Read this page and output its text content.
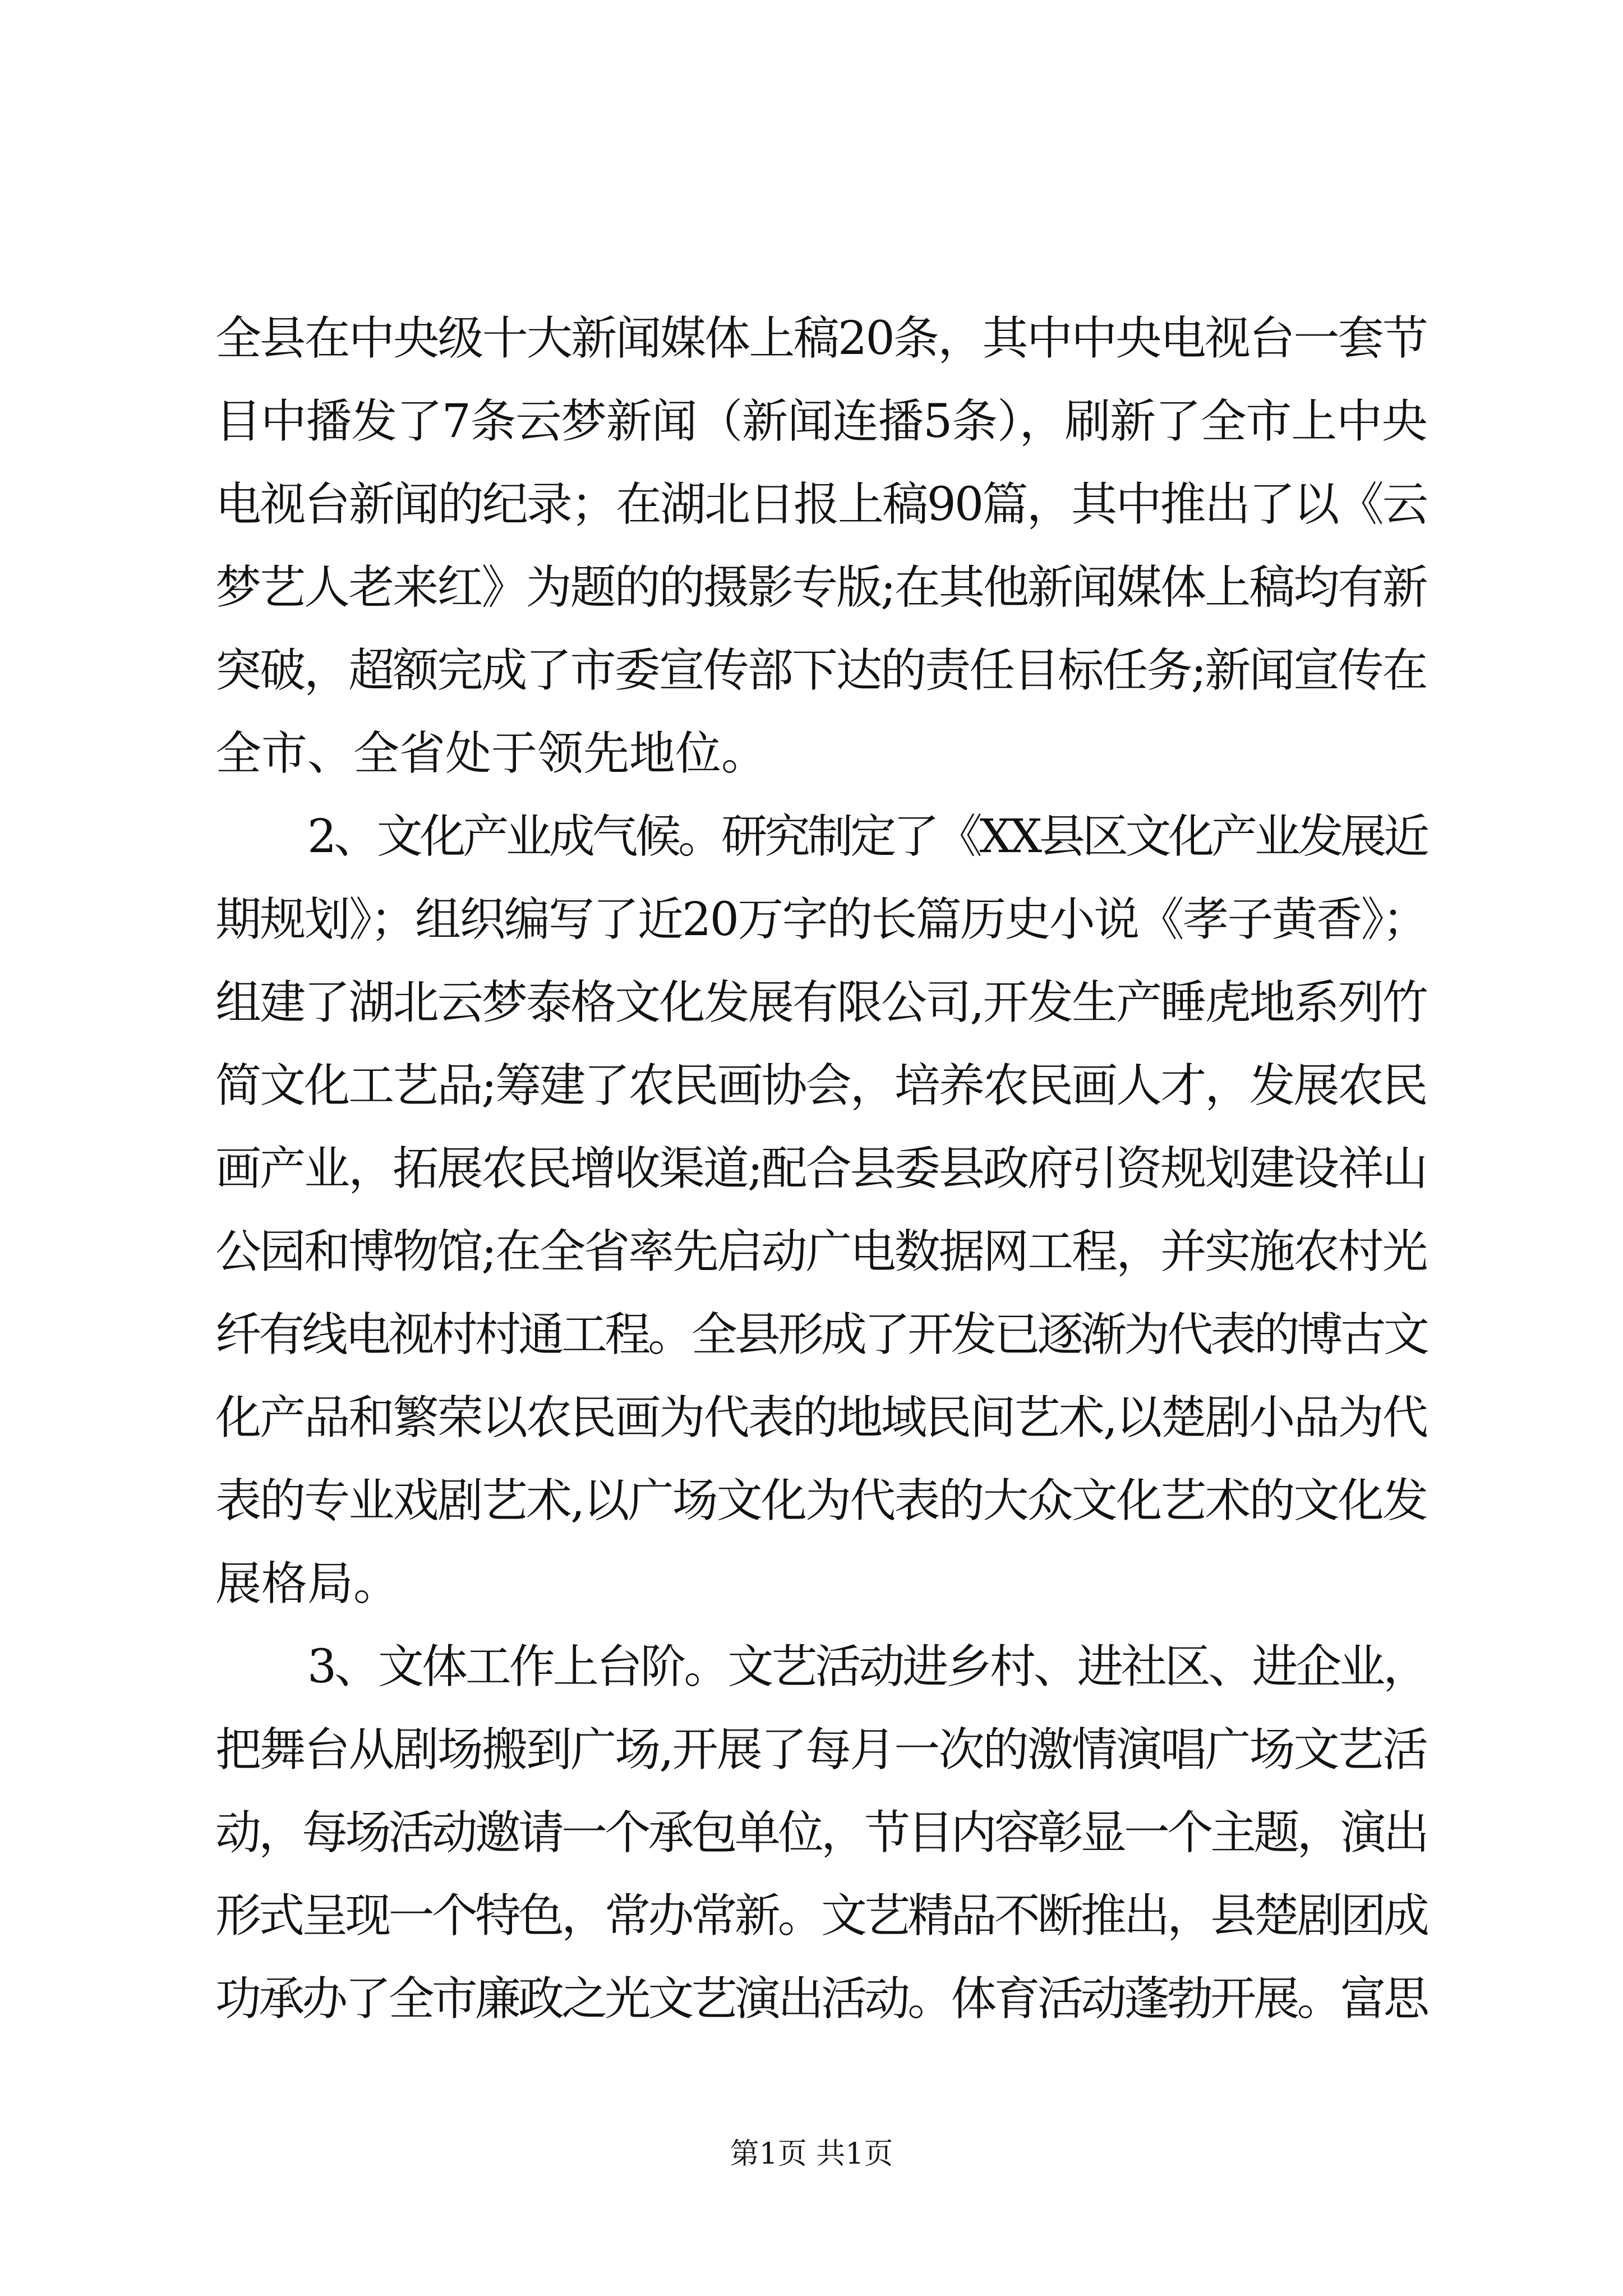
全县在中央级十大新闻媒体上稿20条，其中中央电视台一套节
目中播发了7条云梦新闻（新闻连播5条），刷新了全市上中央
电视台新闻的纪录；在湖北日报上稿90篇，其中推出了以《云
梦艺人老来红》为题的的摄影专版;在其他新闻媒体上稿均有新
突破，超额完成了市委宣传部下达的责任目标任务;新闻宣传在
全市、全省处于领先地位。
2、文化产业成气候。研究制定了《XX县区文化产业发展近
期规划》；组织编写了近20万字的长篇历史小说《孝子黄香》；
组建了湖北云梦泰格文化发展有限公司,开发生产睡虎地系列竹
简文化工艺品;筹建了农民画协会，培养农民画人才，发展农民
画产业，拓展农民增收渠道;配合县委县政府引资规划建设祥山
公园和博物馆;在全省率先启动广电数据网工程，并实施农村光
纤有线电视村村通工程。全县形成了开发已逐渐为代表的博古文
化产品和繁荣以农民画为代表的地域民间艺术,以楚剧小品为代
表的专业戏剧艺术,以广场文化为代表的大众文化艺术的文化发
展格局。
3、文体工作上台阶。文艺活动进乡村、进社区、进企业，
把舞台从剧场搬到广场,开展了每月一次的激情演唱广场文艺活
动，每场活动邀请一个承包单位，节目内容彰显一个主题，演出
形式呈现一个特色，常办常新。文艺精品不断推出，县楚剧团成
功承办了全市廉政之光文艺演出活动。体育活动蓬勃开展。富思
第1页 共1页
